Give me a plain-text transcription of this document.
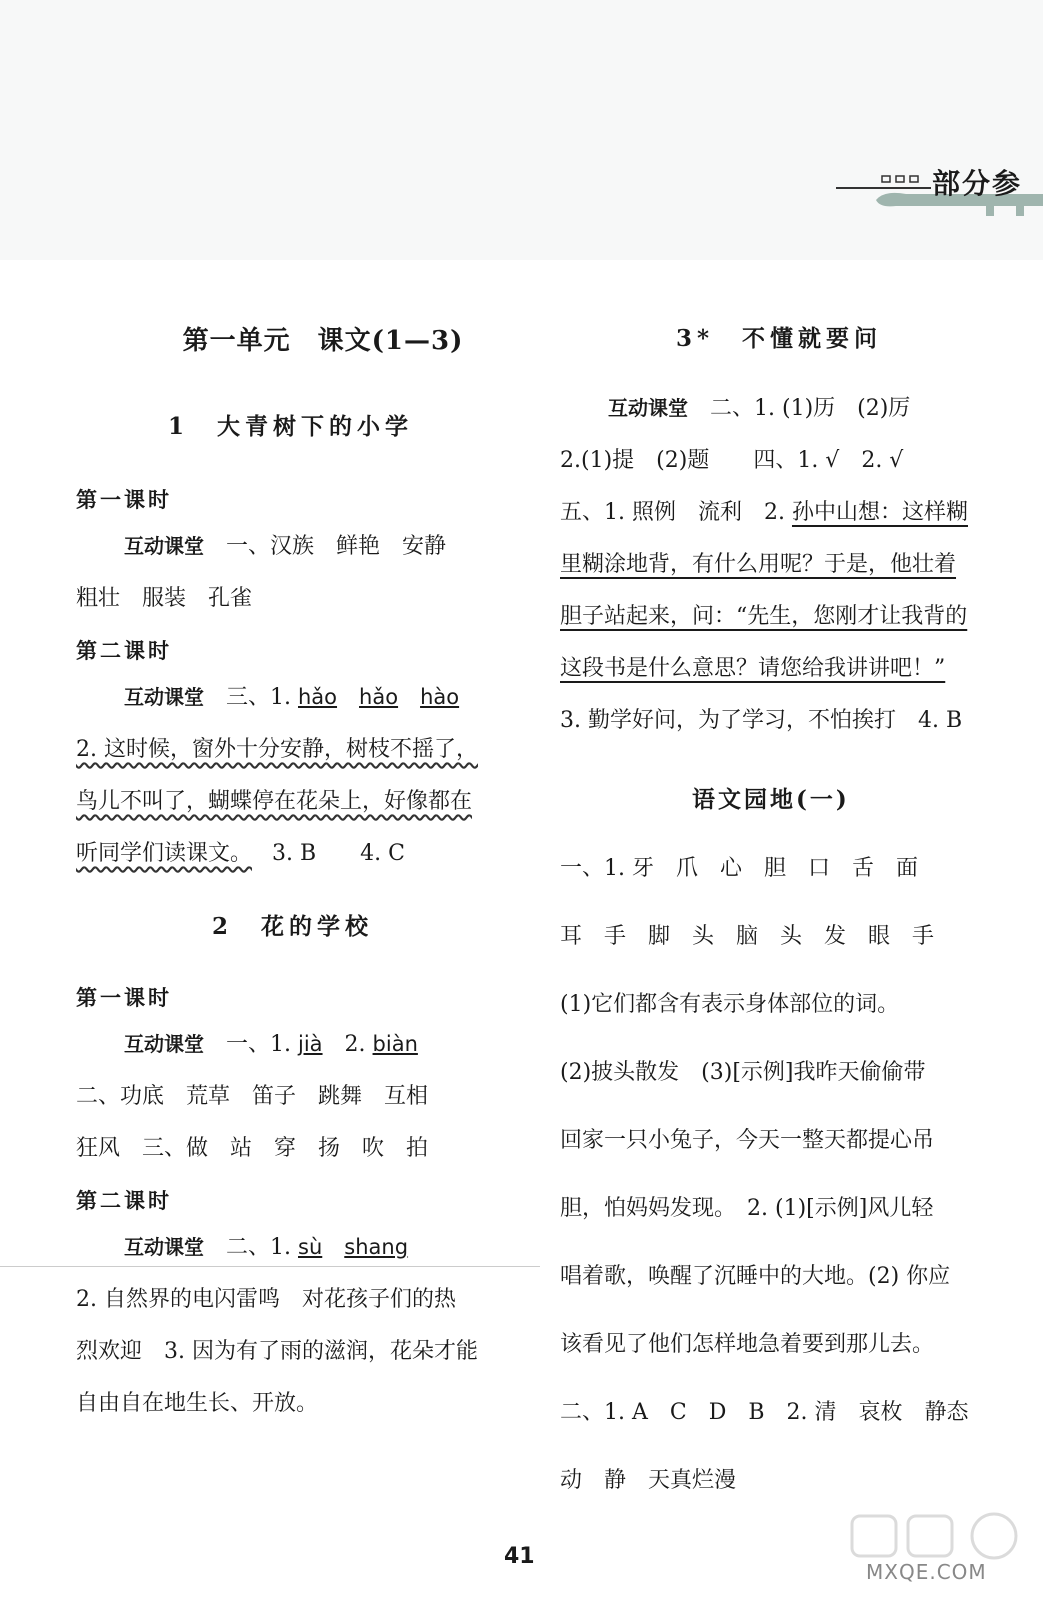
部分参
第一单元　课文(1—3)
1　大青树下的小学
第一课时
互动课堂 一、汉族　鲜艳　安静
粗壮　服装　孔雀
第二课时
互动课堂 三、1. hǎo hǎo hào
2. 这时候，窗外十分安静，树枝不摇了，
鸟儿不叫了，蝴蝶停在花朵上，好像都在
听同学们读课文。 3. B　　4. C
2　花的学校
第一课时
互动课堂 一、1. jià 2. biàn
二、功底　荒草　笛子　跳舞　互相
狂风　三、做　站　穿　扬　吹　拍
第二课时
互动课堂 二、1. sù shang
2. 自然界的电闪雷鸣　对花孩子们的热
烈欢迎　3. 因为有了雨的滋润，花朵才能
自由自在地生长、开放。
3*　不懂就要问
互动课堂 二、1. (1)历　(2)厉
2.(1)提　(2)题　　四、1. √　2. √
五、1. 照例　流利　2. 孙中山想：这样糊
里糊涂地背，有什么用呢？于是，他壮着
胆子站起来，问：“先生，您刚才让我背的
这段书是什么意思？请您给我讲讲吧！”
3. 勤学好问，为了学习，不怕挨打　4. B
语文园地(一)
一、1. 牙　爪　心　胆　口　舌　面
耳　手　脚　头　脑　头　发　眼　手
(1)它们都含有表示身体部位的词。
(2)披头散发　(3)[示例]我昨天偷偷带
回家一只小兔子，今天一整天都提心吊
胆，怕妈妈发现。　2. (1)[示例]风儿轻
唱着歌，唤醒了沉睡中的大地。(2) 你应
该看见了他们怎样地急着要到那儿去。
二、1. A　C　D　B　2. 清　哀枚　静态
动　静　天真烂漫
41
MXQE.COM
